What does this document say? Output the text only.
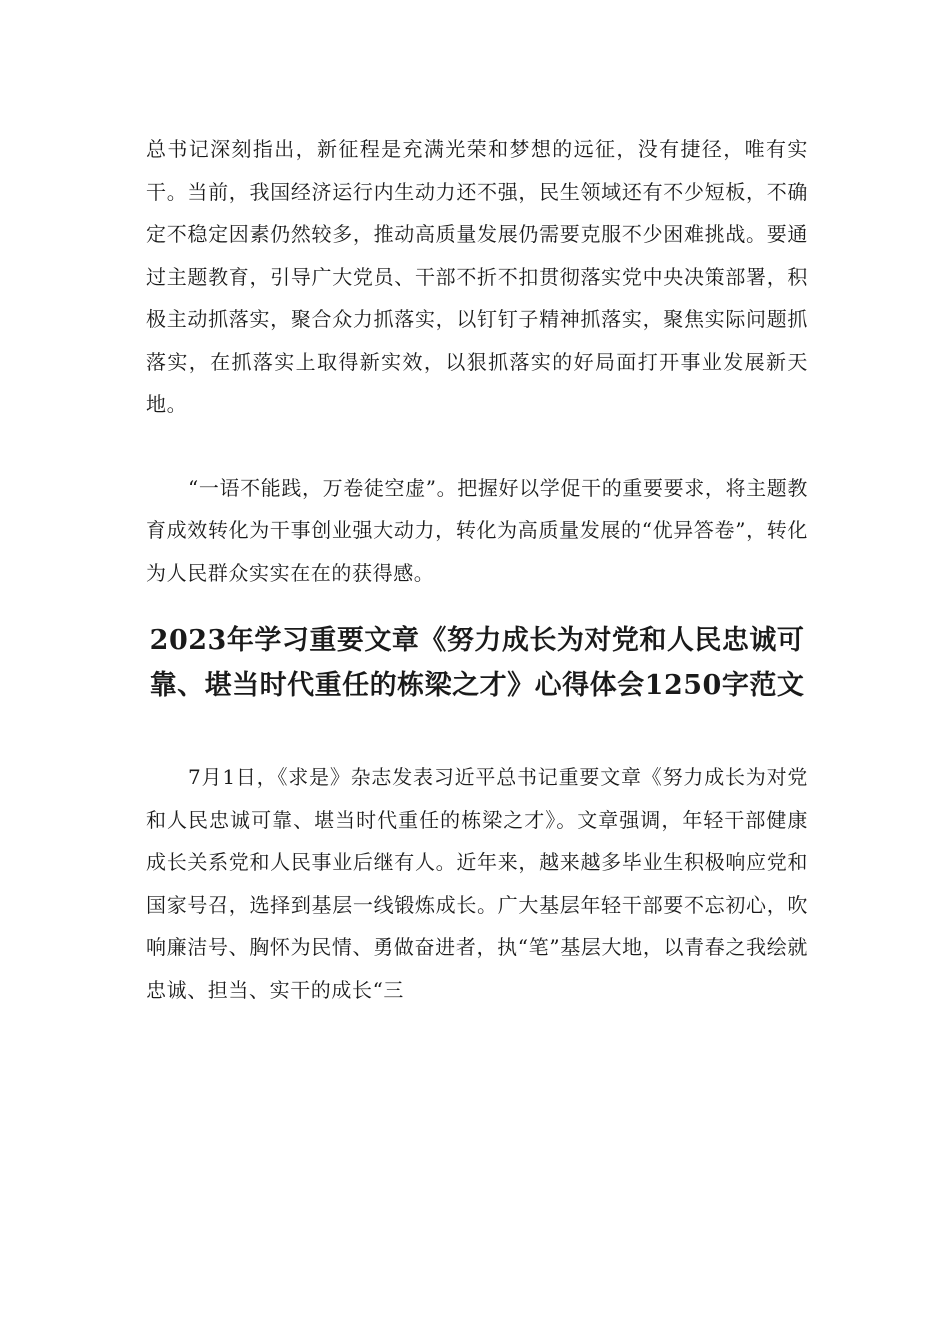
总书记深刻指出，新征程是充满光荣和梦想的远征，没有捷径，唯有实干。当前，我国经济运行内生动力还不强，民生领域还有不少短板，不确定不稳定因素仍然较多，推动高质量发展仍需要克服不少困难挑战。要通过主题教育，引导广大党员、干部不折不扣贯彻落实党中央决策部署，积极主动抓落实，聚合众力抓落实，以钉钉子精神抓落实，聚焦实际问题抓落实，在抓落实上取得新实效，以狠抓落实的好局面打开事业发展新天地。

“一语不能践，万卷徒空虚”。把握好以学促干的重要要求，将主题教育成效转化为干事创业强大动力，转化为高质量发展的“优异答卷”，转化为人民群众实实在在的获得感。

2023年学习重要文章《努力成长为对党和人民忠诚可靠、堪当时代重任的栋梁之才》心得体会1250字范文

7月1日，《求是》杂志发表习近平总书记重要文章《努力成长为对党和人民忠诚可靠、堪当时代重任的栋梁之才》。文章强调，年轻干部健康成长关系党和人民事业后继有人。近年来，越来越多毕业生积极响应党和国家号召，选择到基层一线锻炼成长。广大基层年轻干部要不忘初心，吹响廉洁号、胸怀为民情、勇做奋进者，执“笔”基层大地，以青春之我绘就忠诚、担当、实干的成长“三
